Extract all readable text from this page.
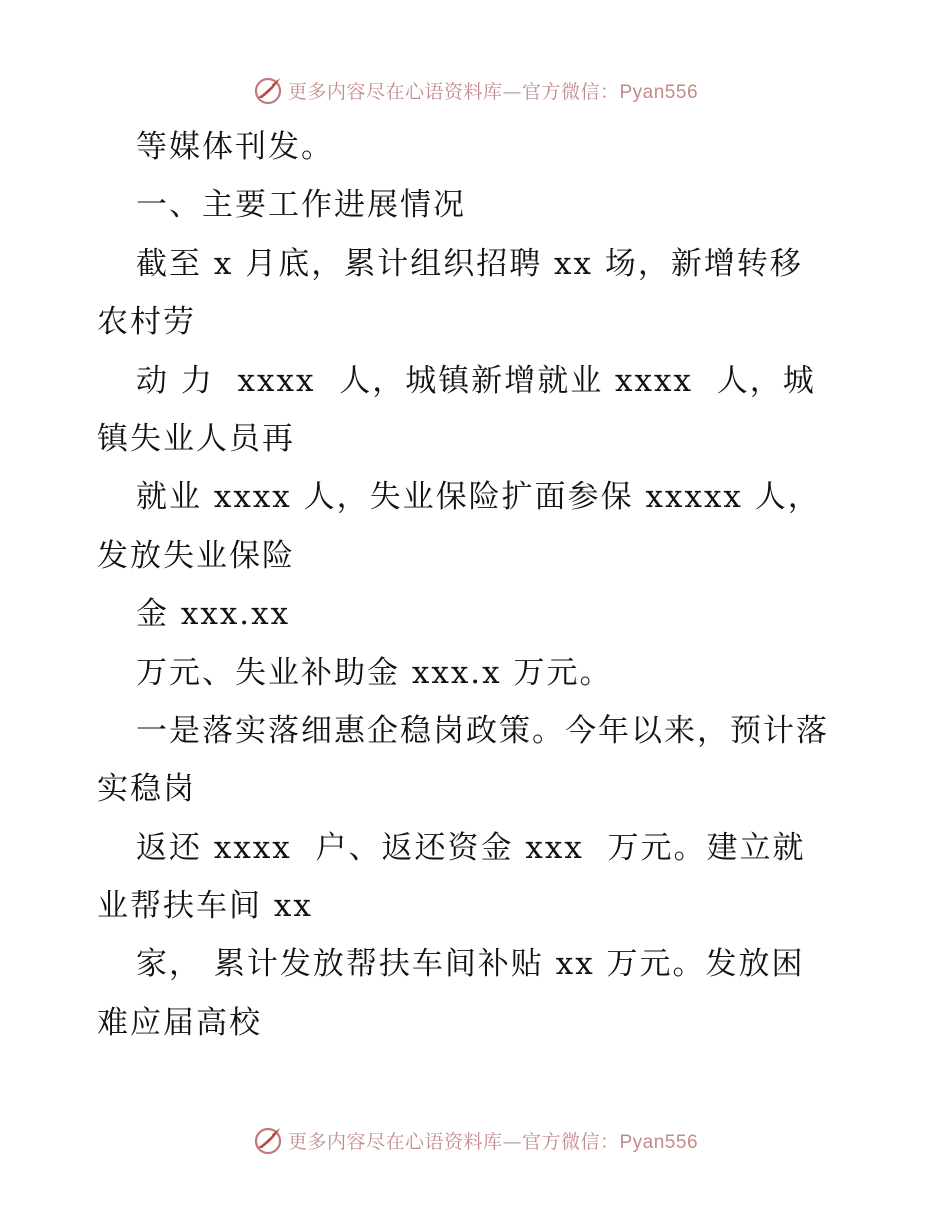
更多内容尽在心语资料库—官方微信：Pyan556
等媒体刊发。
一、主要工作进展情况
截至 x 月底，累计组织招聘 xx 场，新增转移
农村劳
动 力  xxxx  人，城镇新增就业 xxxx  人，城
镇失业人员再
就业 xxxx 人，失业保险扩面参保 xxxxx 人，
发放失业保险
金 xxx.xx
万元、失业补助金 xxx.x 万元。
一是落实落细惠企稳岗政策。今年以来，预计落
实稳岗
返还 xxxx  户、返还资金 xxx  万元。建立就
业帮扶车间 xx
家， 累计发放帮扶车间补贴 xx 万元。发放困
难应届高校
更多内容尽在心语资料库—官方微信：Pyan556
